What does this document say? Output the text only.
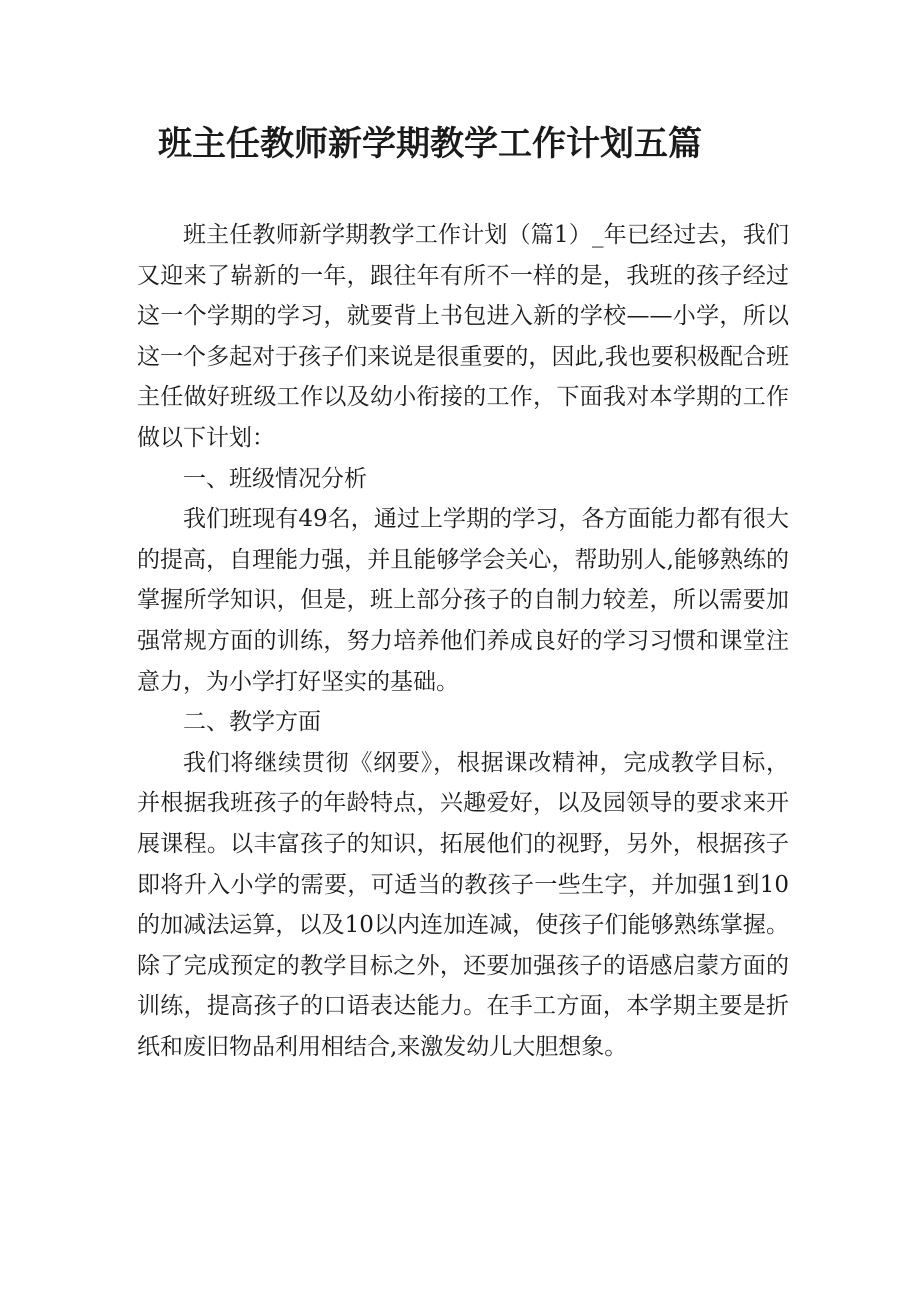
班主任教师新学期教学工作计划五篇

班主任教师新学期教学工作计划（篇1）_年已经过去，我们又迎来了崭新的一年，跟往年有所不一样的是，我班的孩子经过这一个学期的学习，就要背上书包进入新的学校——小学，所以这一个多起对于孩子们来说是很重要的，因此,我也要积极配合班主任做好班级工作以及幼小衔接的工作，下面我对本学期的工作做以下计划：

一、班级情况分析

我们班现有49名，通过上学期的学习，各方面能力都有很大的提高，自理能力强，并且能够学会关心，帮助别人,能够熟练的掌握所学知识，但是，班上部分孩子的自制力较差，所以需要加强常规方面的训练，努力培养他们养成良好的学习习惯和课堂注意力，为小学打好坚实的基础。

二、教学方面

我们将继续贯彻《纲要》，根据课改精神，完成教学目标，并根据我班孩子的年龄特点，兴趣爱好，以及园领导的要求来开展课程。以丰富孩子的知识，拓展他们的视野，另外，根据孩子即将升入小学的需要，可适当的教孩子一些生字，并加强1到10的加减法运算，以及10以内连加连减，使孩子们能够熟练掌握。除了完成预定的教学目标之外，还要加强孩子的语感启蒙方面的训练，提高孩子的口语表达能力。在手工方面，本学期主要是折纸和废旧物品利用相结合,来激发幼儿大胆想象。
